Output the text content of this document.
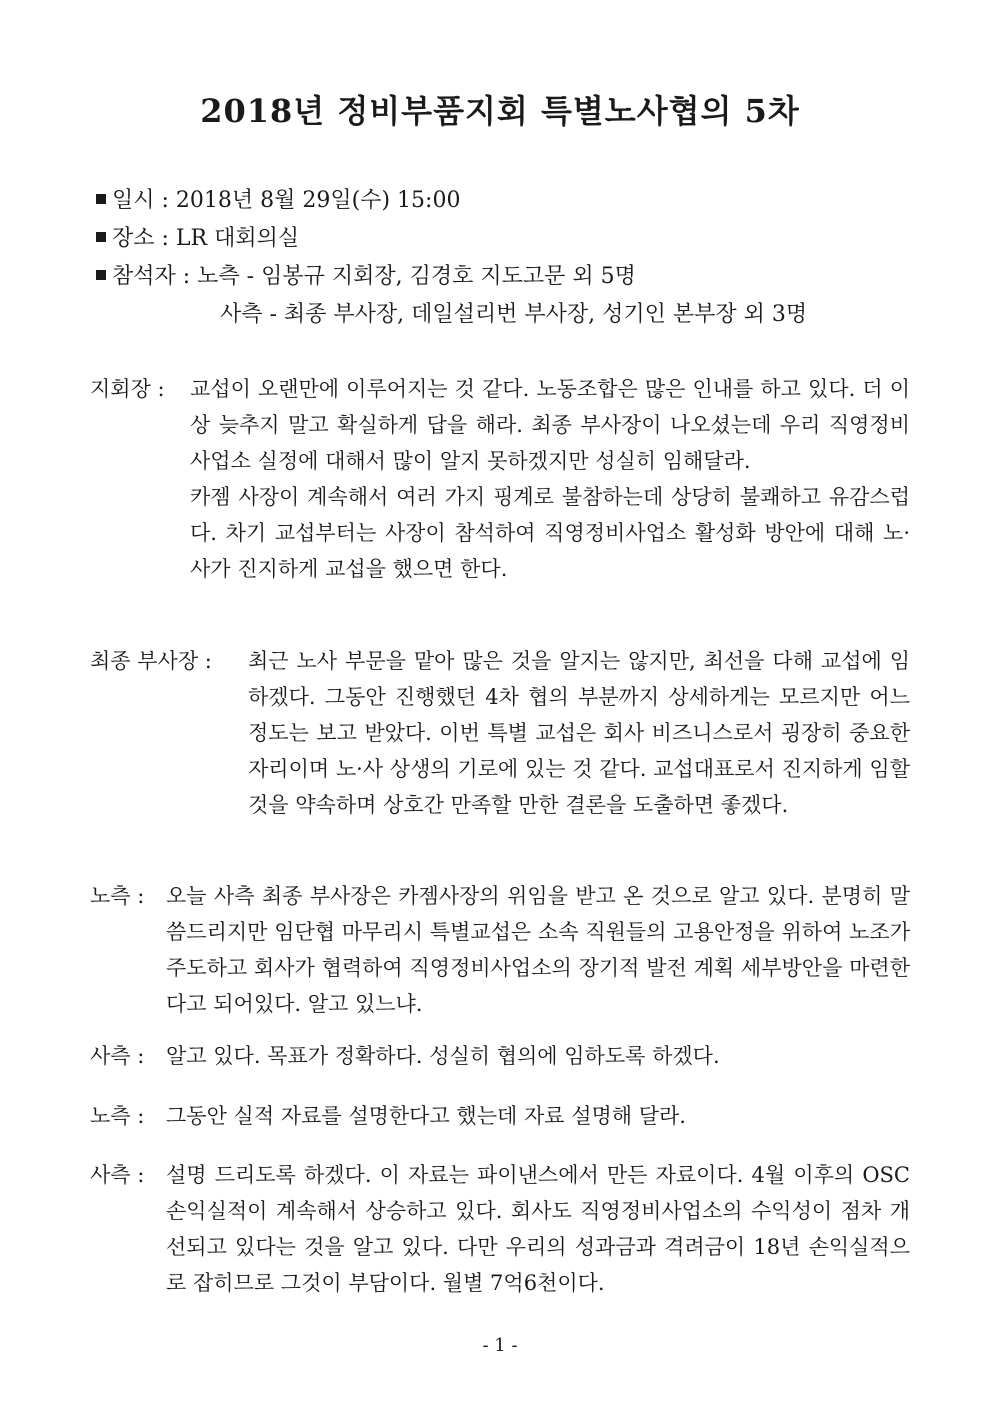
2018년 정비부품지회 특별노사협의 5차
일시 : 2018년 8월 29일(수) 15:00
장소 : LR 대회의실
참석자 : 노측 - 임봉규 지회장, 김경호 지도고문 외 5명
사측 - 최종 부사장, 데일설리번 부사장, 성기인 본부장 외 3명
지회장 : 교섭이 오랜만에 이루어지는 것 같다. 노동조합은 많은 인내를 하고 있다. 더 이상 늦추지 말고 확실하게 답을 해라. 최종 부사장이 나오셨는데 우리 직영정비사업소 실정에 대해서 많이 알지 못하겠지만 성실히 임해달라.

카젬 사장이 계속해서 여러 가지 핑계로 불참하는데 상당히 불쾌하고 유감스럽다. 차기 교섭부터는 사장이 참석하여 직영정비사업소 활성화 방안에 대해 노·사가 진지하게 교섭을 했으면 한다.

최종 부사장 : 최근 노사 부문을 맡아 많은 것을 알지는 않지만, 최선을 다해 교섭에 임하겠다. 그동안 진행했던 4차 협의 부분까지 상세하게는 모르지만 어느 정도는 보고 받았다. 이번 특별 교섭은 회사 비즈니스로서 굉장히 중요한 자리이며 노·사 상생의 기로에 있는 것 같다. 교섭대표로서 진지하게 임할 것을 약속하며 상호간 만족할 만한 결론을 도출하면 좋겠다.

노측 : 오늘 사측 최종 부사장은 카젬사장의 위임을 받고 온 것으로 알고 있다. 분명히 말씀드리지만 임단협 마무리시 특별교섭은 소속 직원들의 고용안정을 위하여 노조가 주도하고 회사가 협력하여 직영정비사업소의 장기적 발전 계획 세부방안을 마련한다고 되어있다. 알고 있느냐.

사측 : 알고 있다. 목표가 정확하다. 성실히 협의에 임하도록 하겠다.

노측 : 그동안 실적 자료를 설명한다고 했는데 자료 설명해 달라.

사측 : 설명 드리도록 하겠다. 이 자료는 파이낸스에서 만든 자료이다. 4월 이후의 OSC 손익실적이 계속해서 상승하고 있다. 회사도 직영정비사업소의 수익성이 점차 개선되고 있다는 것을 알고 있다. 다만 우리의 성과금과 격려금이 18년 손익실적으로 잡히므로 그것이 부담이다. 월별 7억6천이다.

- 1 -
